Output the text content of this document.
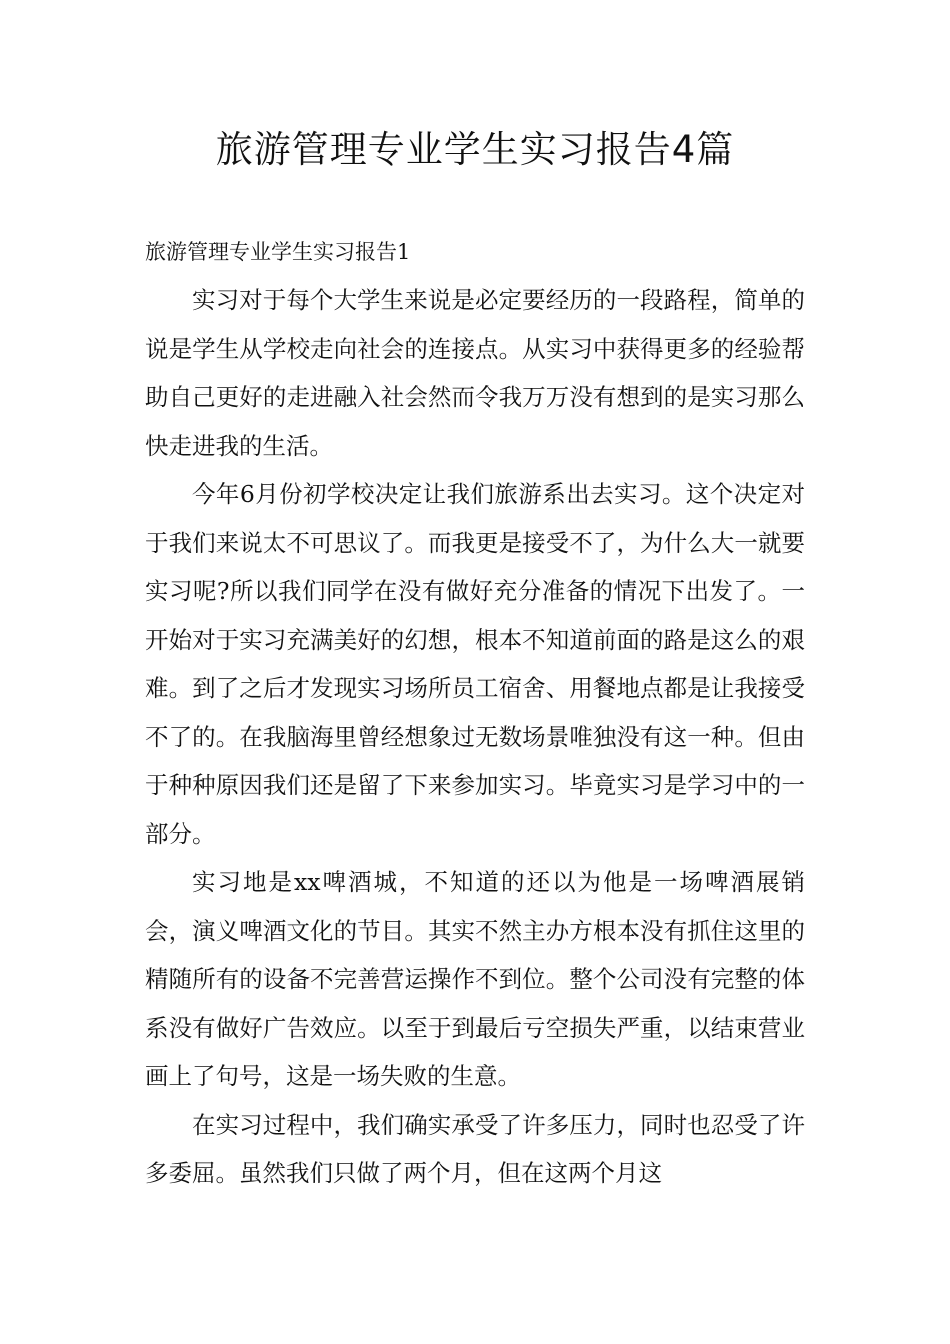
旅游管理专业学生实习报告4篇

旅游管理专业学生实习报告1

实习对于每个大学生来说是必定要经历的一段路程，简单的说是学生从学校走向社会的连接点。从实习中获得更多的经验帮助自己更好的走进融入社会然而令我万万没有想到的是实习那么快走进我的生活。

今年6月份初学校决定让我们旅游系出去实习。这个决定对于我们来说太不可思议了。而我更是接受不了，为什么大一就要实习呢?所以我们同学在没有做好充分准备的情况下出发了。一开始对于实习充满美好的幻想，根本不知道前面的路是这么的艰难。到了之后才发现实习场所员工宿舍、用餐地点都是让我接受不了的。在我脑海里曾经想象过无数场景唯独没有这一种。但由于种种原因我们还是留了下来参加实习。毕竟实习是学习中的一部分。

实习地是xx啤酒城，不知道的还以为他是一场啤酒展销会，演义啤酒文化的节目。其实不然主办方根本没有抓住这里的精随所有的设备不完善营运操作不到位。整个公司没有完整的体系没有做好广告效应。以至于到最后亏空损失严重，以结束营业画上了句号，这是一场失败的生意。

在实习过程中，我们确实承受了许多压力，同时也忍受了许多委屈。虽然我们只做了两个月，但在这两个月这
